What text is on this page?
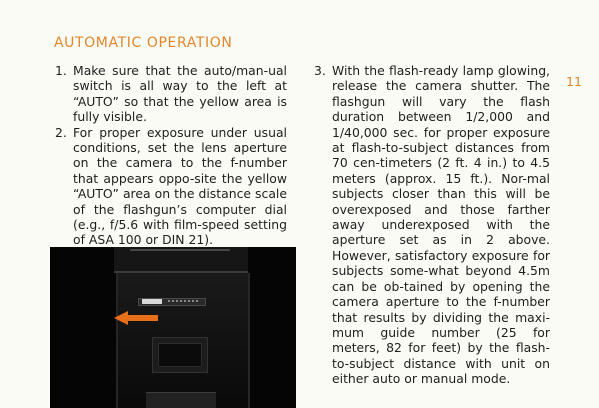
AUTOMATIC OPERATION
11
1. Make sure that the auto/man-ual switch is all way to the left at “AUTO” so that the yellow area is fully visible.
2. For proper exposure under usual conditions, set the lens aperture on the camera to the f-number that appears oppo-site the yellow “AUTO” area on the distance scale of the flashgun’s computer dial (e.g., f/5.6 with film-speed setting of ASA 100 or DIN 21).
3. With the flash-ready lamp glowing, release the camera shutter. The flashgun will vary the flash duration between 1/2,000 and 1/40,000 sec. for proper exposure at flash-to-subject distances from 70 cen-timeters (2 ft. 4 in.) to 4.5 meters (approx. 15 ft.). Nor-mal subjects closer than this will be overexposed and those farther away underexposed with the aperture set as in 2 above. However, satisfactory exposure for subjects some-what beyond 4.5m can be ob-tained by opening the camera aperture to the f-number that results by dividing the maxi-mum guide number (25 for meters, 82 for feet) by the flash-to-subject distance with unit on either auto or manual mode.
